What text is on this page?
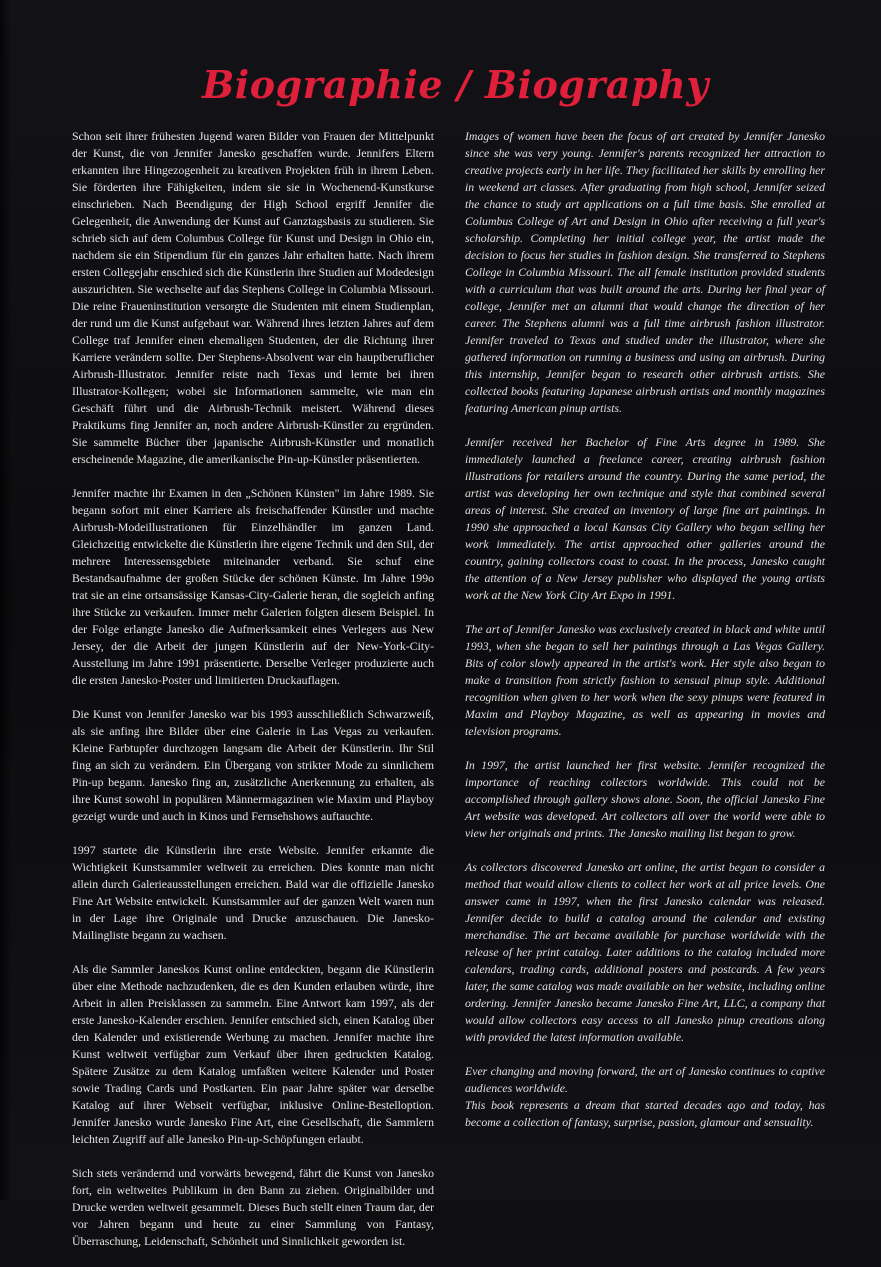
Biographie / Biography

Schon seit ihrer frühesten Jugend waren Bilder von Frauen der Mittelpunkt der Kunst, die von Jennifer Janesko geschaffen wurde. Jennifers Eltern erkannten ihre Hingezogenheit zu kreativen Projekten früh in ihrem Leben. Sie förderten ihre Fähigkeiten, indem sie sie in Wochenend-Kunstkurse einschrieben. Nach Beendigung der High School ergriff Jennifer die Gelegenheit, die Anwendung der Kunst auf Ganztagsbasis zu studieren. Sie schrieb sich auf dem Columbus College für Kunst und Design in Ohio ein, nachdem sie ein Stipendium für ein ganzes Jahr erhalten hatte. Nach ihrem ersten Collegejahr enschied sich die Künstlerin ihre Studien auf Modedesign auszurichten. Sie wechselte auf das Stephens College in Columbia Missouri. Die reine Fraueninstitution versorgte die Studenten mit einem Studienplan, der rund um die Kunst aufgebaut war. Während ihres letzten Jahres auf dem College traf Jennifer einen ehemaligen Studenten, der die Richtung ihrer Karriere verändern sollte. Der Stephens-Absolvent war ein hauptberuflicher Airbrush-Illustrator. Jennifer reiste nach Texas und lernte bei ihren Illustrator-Kollegen; wobei sie Informationen sammelte, wie man ein Geschäft führt und die Airbrush-Technik meistert. Während dieses Praktikums fing Jennifer an, noch andere Airbrush-Künstler zu ergründen. Sie sammelte Bücher über japanische Airbrush-Künstler und monatlich erscheinende Magazine, die amerikanische Pin-up-Künstler präsentierten.

Jennifer machte ihr Examen in den „Schönen Künsten" im Jahre 1989. Sie begann sofort mit einer Karriere als freischaffender Künstler und machte Airbrush-Modeillustrationen für Einzelhändler im ganzen Land. Gleichzeitig entwickelte die Künstlerin ihre eigene Technik und den Stil, der mehrere Interessensgebiete miteinander verband. Sie schuf eine Bestandsaufnahme der großen Stücke der schönen Künste. Im Jahre 199o trat sie an eine ortsansässige Kansas-City-Galerie heran, die sogleich anfing ihre Stücke zu verkaufen. Immer mehr Galerien folgten diesem Beispiel. In der Folge erlangte Janesko die Aufmerksamkeit eines Verlegers aus New Jersey, der die Arbeit der jungen Künstlerin auf der New-York-City-Ausstellung im Jahre 1991 präsentierte. Derselbe Verleger produzierte auch die ersten Janesko-Poster und limitierten Druckauflagen.

Die Kunst von Jennifer Janesko war bis 1993 ausschließlich Schwarzweiß, als sie anfing ihre Bilder über eine Galerie in Las Vegas zu verkaufen. Kleine Farbtupfer durchzogen langsam die Arbeit der Künstlerin. Ihr Stil fing an sich zu verändern. Ein Übergang von strikter Mode zu sinnlichem Pin-up begann. Janesko fing an, zusätzliche Anerkennung zu erhalten, als ihre Kunst sowohl in populären Männermagazinen wie Maxim und Playboy gezeigt wurde und auch in Kinos und Fernsehshows auftauchte.

1997 startete die Künstlerin ihre erste Website. Jennifer erkannte die Wichtigkeit Kunstsammler weltweit zu erreichen. Dies konnte man nicht allein durch Galerieausstellungen erreichen. Bald war die offizielle Janesko Fine Art Website entwickelt. Kunstsammler auf der ganzen Welt waren nun in der Lage ihre Originale und Drucke anzuschauen. Die Janesko-Mailingliste begann zu wachsen.

Als die Sammler Janeskos Kunst online entdeckten, begann die Künstlerin über eine Methode nachzudenken, die es den Kunden erlauben würde, ihre Arbeit in allen Preisklassen zu sammeln. Eine Antwort kam 1997, als der erste Janesko-Kalender erschien. Jennifer entschied sich, einen Katalog über den Kalender und existierende Werbung zu machen. Jennifer machte ihre Kunst weltweit verfügbar zum Verkauf über ihren gedruckten Katalog. Spätere Zusätze zu dem Katalog umfaßten weitere Kalender und Poster sowie Trading Cards und Postkarten. Ein paar Jahre später war derselbe Katalog auf ihrer Webseit verfügbar, inklusive Online-Bestelloption. Jennifer Janesko wurde Janesko Fine Art, eine Gesellschaft, die Sammlern leichten Zugriff auf alle Janesko Pin-up-Schöpfungen erlaubt.

Sich stets verändernd und vorwärts bewegend, fährt die Kunst von Janesko fort, ein weltweites Publikum in den Bann zu ziehen. Originalbilder und Drucke werden weltweit gesammelt. Dieses Buch stellt einen Traum dar, der vor Jahren begann und heute zu einer Sammlung von Fantasy, Überraschung, Leidenschaft, Schönheit und Sinnlichkeit geworden ist.

Images of women have been the focus of art created by Jennifer Janesko since she was very young. Jennifer's parents recognized her attraction to creative projects early in her life. They facilitated her skills by enrolling her in weekend art classes. After graduating from high school, Jennifer seized the chance to study art applications on a full time basis. She enrolled at Columbus College of Art and Design in Ohio after receiving a full year's scholarship. Completing her initial college year, the artist made the decision to focus her studies in fashion design. She transferred to Stephens College in Columbia Missouri. The all female institution provided students with a curriculum that was built around the arts. During her final year of college, Jennifer met an alumni that would change the direction of her career. The Stephens alumni was a full time airbrush fashion illustrator. Jennifer traveled to Texas and studied under the illustrator, where she gathered information on running a business and using an airbrush. During this internship, Jennifer began to research other airbrush artists. She collected books featuring Japanese airbrush artists and monthly magazines featuring American pinup artists.

Jennifer received her Bachelor of Fine Arts degree in 1989. She immediately launched a freelance career, creating airbrush fashion illustrations for retailers around the country. During the same period, the artist was developing her own technique and style that combined several areas of interest. She created an inventory of large fine art paintings. In 1990 she approached a local Kansas City Gallery who began selling her work immediately. The artist approached other galleries around the country, gaining collectors coast to coast. In the process, Janesko caught the attention of a New Jersey publisher who displayed the young artists work at the New York City Art Expo in 1991.

The art of Jennifer Janesko was exclusively created in black and white until 1993, when she began to sell her paintings through a Las Vegas Gallery. Bits of color slowly appeared in the artist's work. Her style also began to make a transition from strictly fashion to sensual pinup style. Additional recognition when given to her work when the sexy pinups were featured in Maxim and Playboy Magazine, as well as appearing in movies and television programs.

In 1997, the artist launched her first website. Jennifer recognized the importance of reaching collectors worldwide. This could not be accomplished through gallery shows alone. Soon, the official Janesko Fine Art website was developed. Art collectors all over the world were able to view her originals and prints. The Janesko mailing list began to grow.

As collectors discovered Janesko art online, the artist began to consider a method that would allow clients to collect her work at all price levels. One answer came in 1997, when the first Janesko calendar was released. Jennifer decide to build a catalog around the calendar and existing merchandise. The art became available for purchase worldwide with the release of her print catalog. Later additions to the catalog included more calendars, trading cards, additional posters and postcards. A few years later, the same catalog was made available on her website, including online ordering. Jennifer Janesko became Janesko Fine Art, LLC, a company that would allow collectors easy access to all Janesko pinup creations along with provided the latest information available.

Ever changing and moving forward, the art of Janesko continues to captive audiences worldwide.

This book represents a dream that started decades ago and today, has become a collection of fantasy, surprise, passion, glamour and sensuality.
